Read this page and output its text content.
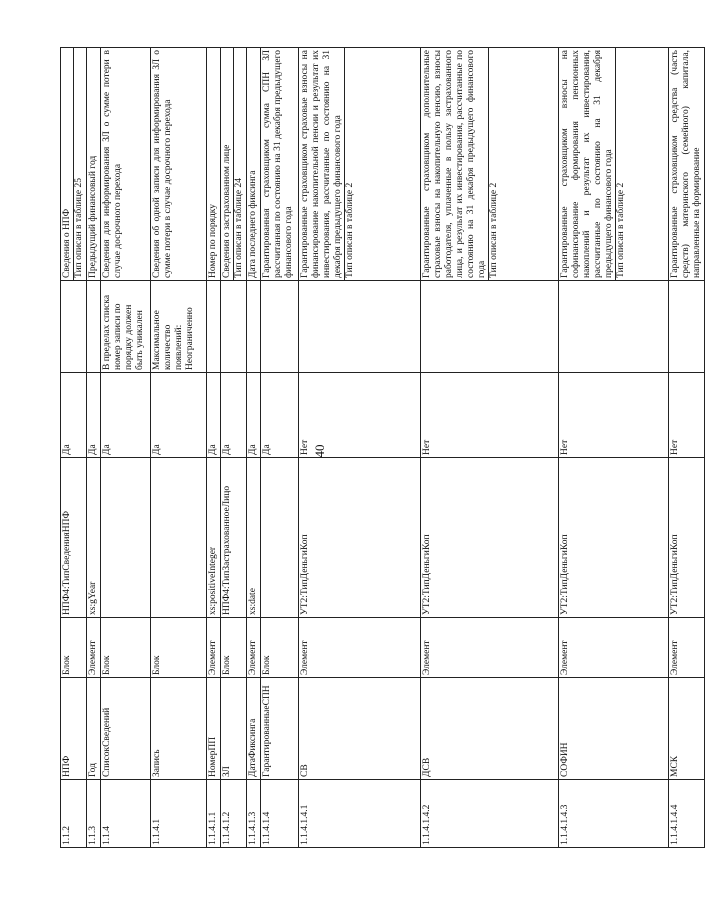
40
1.1.2	НПФ	Блок	НПФ4:ТипСведенияНПФ	Да		Сведения о НПФ Тип описан в таблице 25

1.1.3	Год	Элемент	xs:gYear	Да		Предыдущий финансовый год

1.1.4	СписокСведений	Блок		Да	В пределах списка номер записи по порядку должен быть уникален	Сведения для информирования ЗЛ о сумме потери в случае досрочного перехода

1.1.4.1	Запись	Блок		Да	Максимальное количество появлений: Неограниченно	Сведения об одной записи для информирования ЗЛ о сумме потери в случае досрочного перехода

1.1.4.1.1	НомерПП	Элемент	xs:positiveInteger	Да		Номер по порядку

1.1.4.1.2	ЗЛ	Блок	НПФ4:ТипЗастрахованноеЛицо	Да		Сведения о застрахованном лице Тип описан в таблице 24

1.1.4.1.3	ДатаФиксинга	Элемент	xs:date	Да		Дата последнего фиксинга

1.1.4.1.4	ГарантированныеСПН	Блок		Да		Гарантированная страховщиком сумма СПН ЗЛ рассчитанная по состоянию на 31 декабря предыдущего финансового года

1.1.4.1.4.1	СВ	Элемент	УТ2:ТипДеньгиКоп	Нет		Гарантированные страховщиком страховые взносы на финансирование накопительной пенсии и результат их инвестирования, рассчитанные по состоянию на 31 декабря предыдущего финансового года Тип описан в таблице 2

1.1.4.1.4.2	ДСВ	Элемент	УТ2:ТипДеньгиКоп	Нет		Гарантированные страховщиком дополнительные страховые взносы на накопительную пенсию, взносы работодателя, уплаченные в пользу застрахованного лица, и результат их инвестирования, рассчитанные по состоянию на 31 декабря предыдущего финансового года Тип описан в таблице 2

1.1.4.1.4.3	СОФИН	Элемент	УТ2:ТипДеньгиКоп	Нет		Гарантированные страховщиком взносы на софинансирование формирования пенсионных накоплений и результат их инвестирования, рассчитанные по состоянию на 31 декабря предыдущего финансового года Тип описан в таблице 2

1.1.4.1.4.4	МСК	Элемент	УТ2:ТипДеньгиКоп	Нет		Гарантированные страховщиком средства (часть средств) материнского (семейного) капитала, направленные на формирование
